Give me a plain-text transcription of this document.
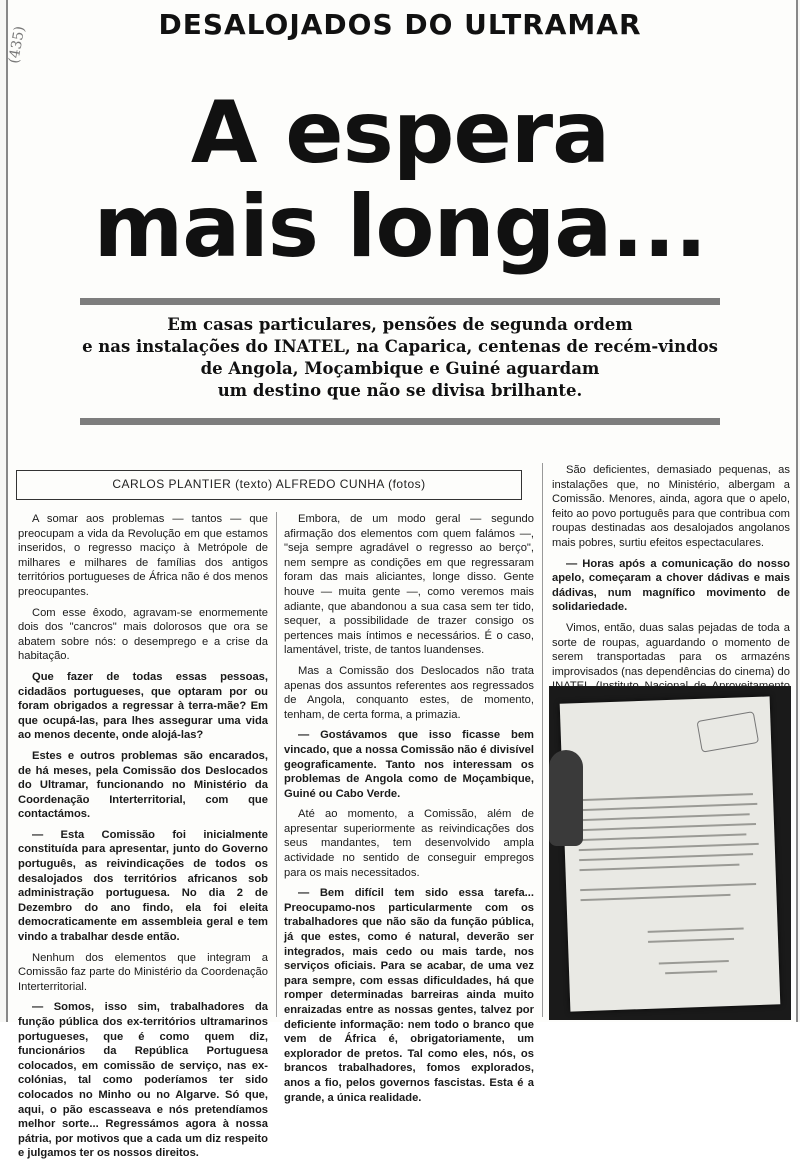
(435)
DESALOJADOS DO ULTRAMAR
A espera
mais longa...
Em casas particulares, pensões de segunda ordem
e nas instalações do INATEL, na Caparica, centenas de recém-vindos
de Angola, Moçambique e Guiné aguardam
um destino que não se divisa brilhante.
CARLOS PLANTIER (texto) ALFREDO CUNHA (fotos)

A somar aos problemas — tantos — que preocupam a vida da Revolução em que estamos inseridos, o regresso maciço à Metrópole de milhares e milhares de famílias dos antigos territórios portugueses de África não é dos menos preocupantes.

Com esse êxodo, agravam-se enormemente dois dos "cancros" mais dolorosos que ora se abatem sobre nós: o desemprego e a crise da habitação.

Que fazer de todas essas pessoas, cidadãos portugueses, que optaram por ou foram obrigados a regressar à terra-mãe? Em que ocupá-las, para lhes assegurar uma vida ao menos decente, onde alojá-las?

Estes e outros problemas são encarados, de há meses, pela Comissão dos Deslocados do Ultramar, funcionando no Ministério da Coordenação Interterritorial, com que contactámos.

— Esta Comissão foi inicialmente constituída para apresentar, junto do Governo português, as reivindicações de todos os desalojados dos territórios africanos sob administração portuguesa. No dia 2 de Dezembro do ano findo, ela foi eleita democraticamente em assembleia geral e tem vindo a trabalhar desde então.

Nenhum dos elementos que integram a Comissão faz parte do Ministério da Coordenação Interterritorial.

— Somos, isso sim, trabalhadores da função pública dos ex-territórios ultramarinos portugueses, que é como quem diz, funcionários da República Portuguesa colocados, em comissão de serviço, nas ex-colónias, tal como poderíamos ter sido colocados no Minho ou no Algarve. Só que, aqui, o pão escasseava e nós pretendíamos melhor sorte... Regressámos agora à nossa pátria, por motivos que a cada um diz respeito e julgamos ter os nossos direitos.

Embora, de um modo geral — segundo afirmação dos elementos com quem falámos —, "seja sempre agradável o regresso ao berço", nem sempre as condições em que regressaram foram das mais aliciantes, longe disso. Gente houve — muita gente —, como veremos mais adiante, que abandonou a sua casa sem ter tido, sequer, a possibilidade de trazer consigo os pertences mais íntimos e necessários. É o caso, lamentável, triste, de tantos luandenses.

Mas a Comissão dos Deslocados não trata apenas dos assuntos referentes aos regressados de Angola, conquanto estes, de momento, tenham, de certa forma, a primazia.

— Gostávamos que isso ficasse bem vincado, que a nossa Comissão não é divisível geograficamente. Tanto nos interessam os problemas de Angola como de Moçambique, Guiné ou Cabo Verde.

Até ao momento, a Comissão, além de apresentar superiormente as reivindicações dos seus mandantes, tem desenvolvido ampla actividade no sentido de conseguir empregos para os mais necessitados.

— Bem difícil tem sido essa tarefa... Preocupamo-nos particularmente com os trabalhadores que não são da função pública, já que estes, como é natural, deverão ser integrados, mais cedo ou mais tarde, nos serviços oficiais. Para se acabar, de uma vez para sempre, com essas dificuldades, há que romper determinadas barreiras ainda muito enraizadas entre as nossas gentes, talvez por deficiente informação: nem todo o branco que vem de África é, obrigatoriamente, um explorador de pretos. Tal como eles, nós, os brancos trabalhadores, fomos explorados, anos a fio, pelos governos fascistas. Esta é a grande, a única realidade.

São deficientes, demasiado pequenas, as instalações que, no Ministério, albergam a Comissão. Menores, ainda, agora que o apelo, feito ao povo português para que contribua com roupas destinadas aos desalojados angolanos mais pobres, surtiu efeitos espectaculares.

— Horas após a comunicação do nosso apelo, começaram a chover dádivas e mais dádivas, num magnífico movimento de solidariedade.

Vimos, então, duas salas pejadas de toda a sorte de roupas, aguardando o momento de serem transportadas para os armazéns improvisados (nas dependências do cinema) do
